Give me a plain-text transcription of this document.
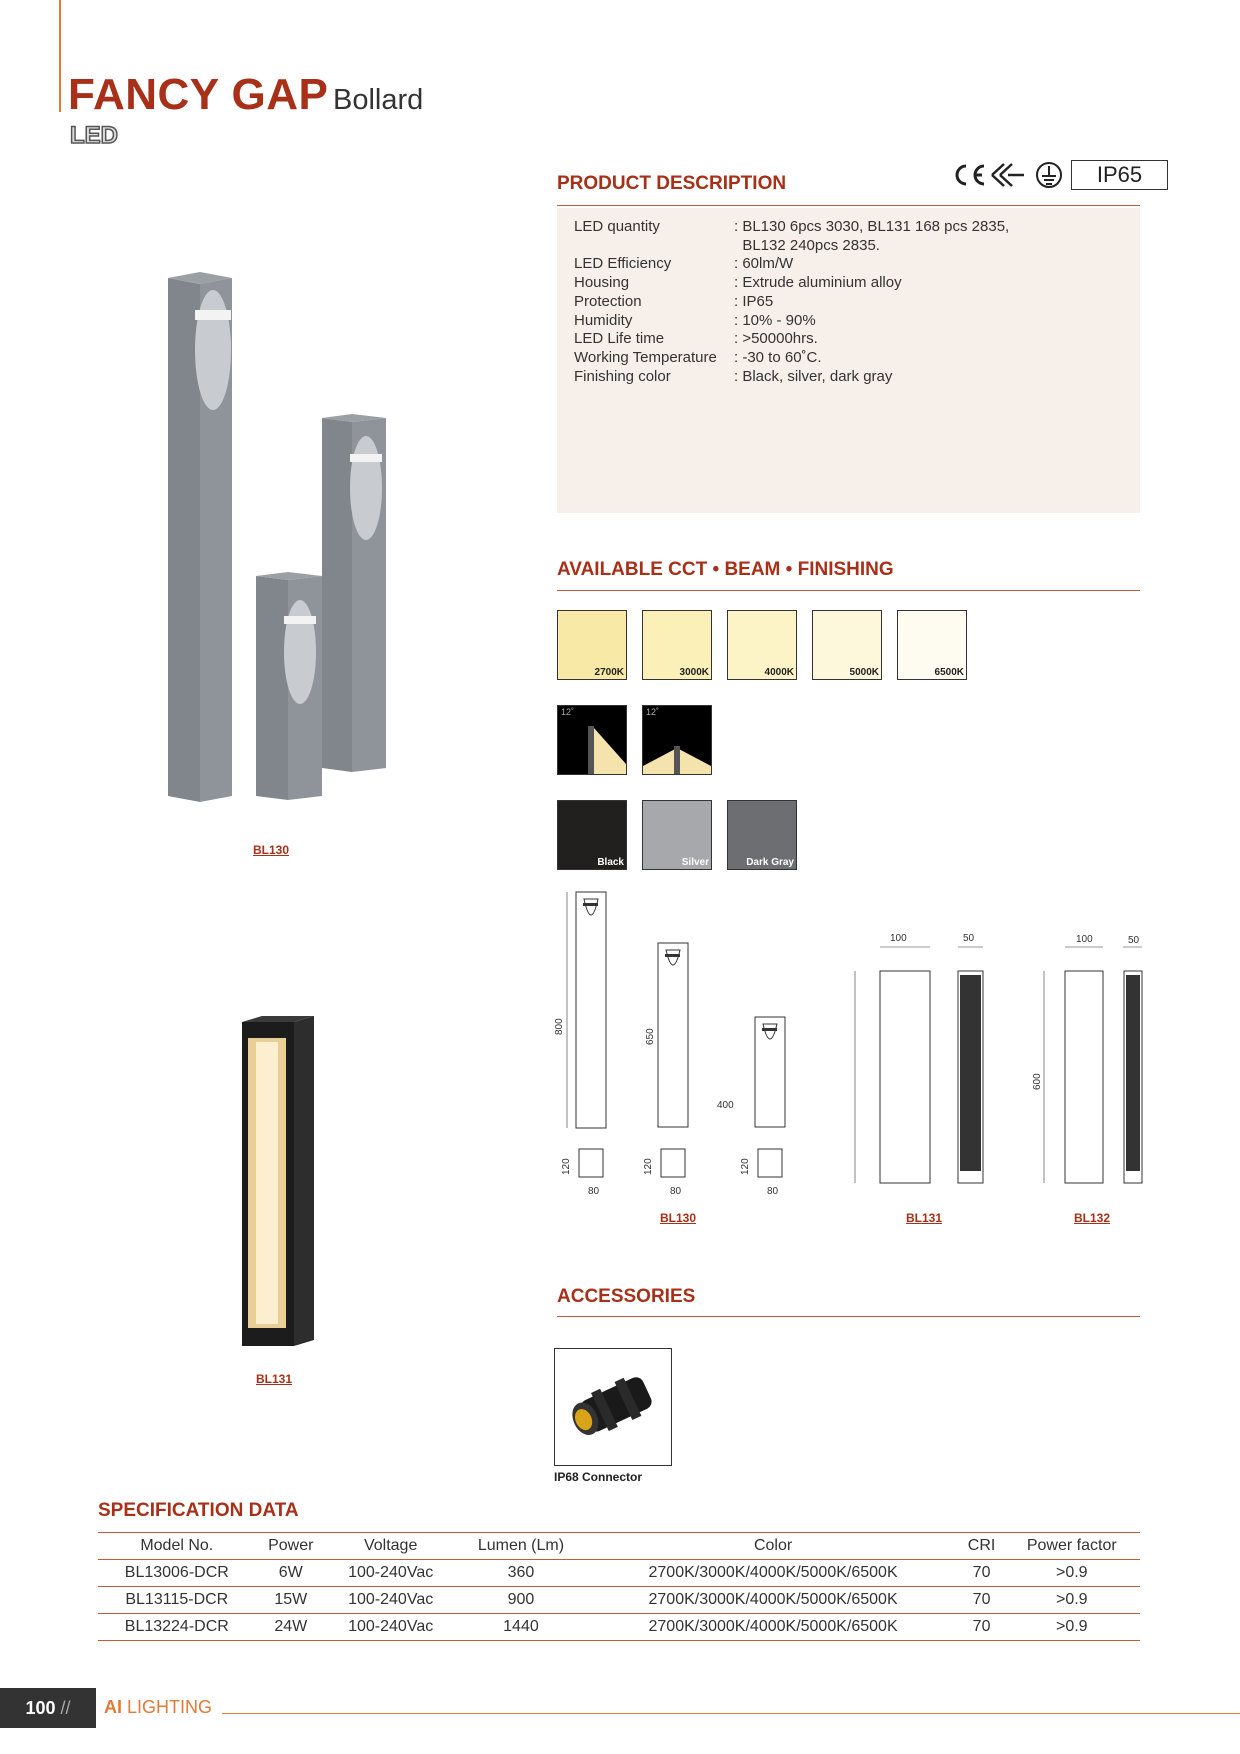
FANCY GAP Bollard
LED
PRODUCT DESCRIPTION	IP65
LED quantity	: BL130 6pcs 3030, BL131 168 pcs 2835,
	BL132 240pcs 2835.
LED Efficiency	: 60lm/W
Housing	: Extrude aluminium alloy
Protection	: IP65
Humidity	: 10% - 90%
LED Life time	: >50000hrs.
Working Temperature	: -30 to 60˚C.
Finishing color	: Black, silver, dark gray
BL130
BL131
AVAILABLE CCT • BEAM • FINISHING
2700K	3000K	4000K	5000K	6500K
12˚	12˚
Black	Silver	Dark Gray
800
120
80
650
120
80
400
120
80
100	50	100
600
50
BL130	BL131	BL132
ACCESSORIES
IP68 Connector
SPECIFICATION DATA
Model No.	Power	Voltage	Lumen (Lm)	Color	CRI	Power factor
BL13006-DCR	6W	100-240Vac	360	2700K/3000K/4000K/5000K/6500K	70	>0.9
BL13115-DCR	15W	100-240Vac	900	2700K/3000K/4000K/5000K/6500K	70	>0.9
BL13224-DCR	24W	100-240Vac	1440	2700K/3000K/4000K/5000K/6500K	70	>0.9
100 //	AI LIGHTING
